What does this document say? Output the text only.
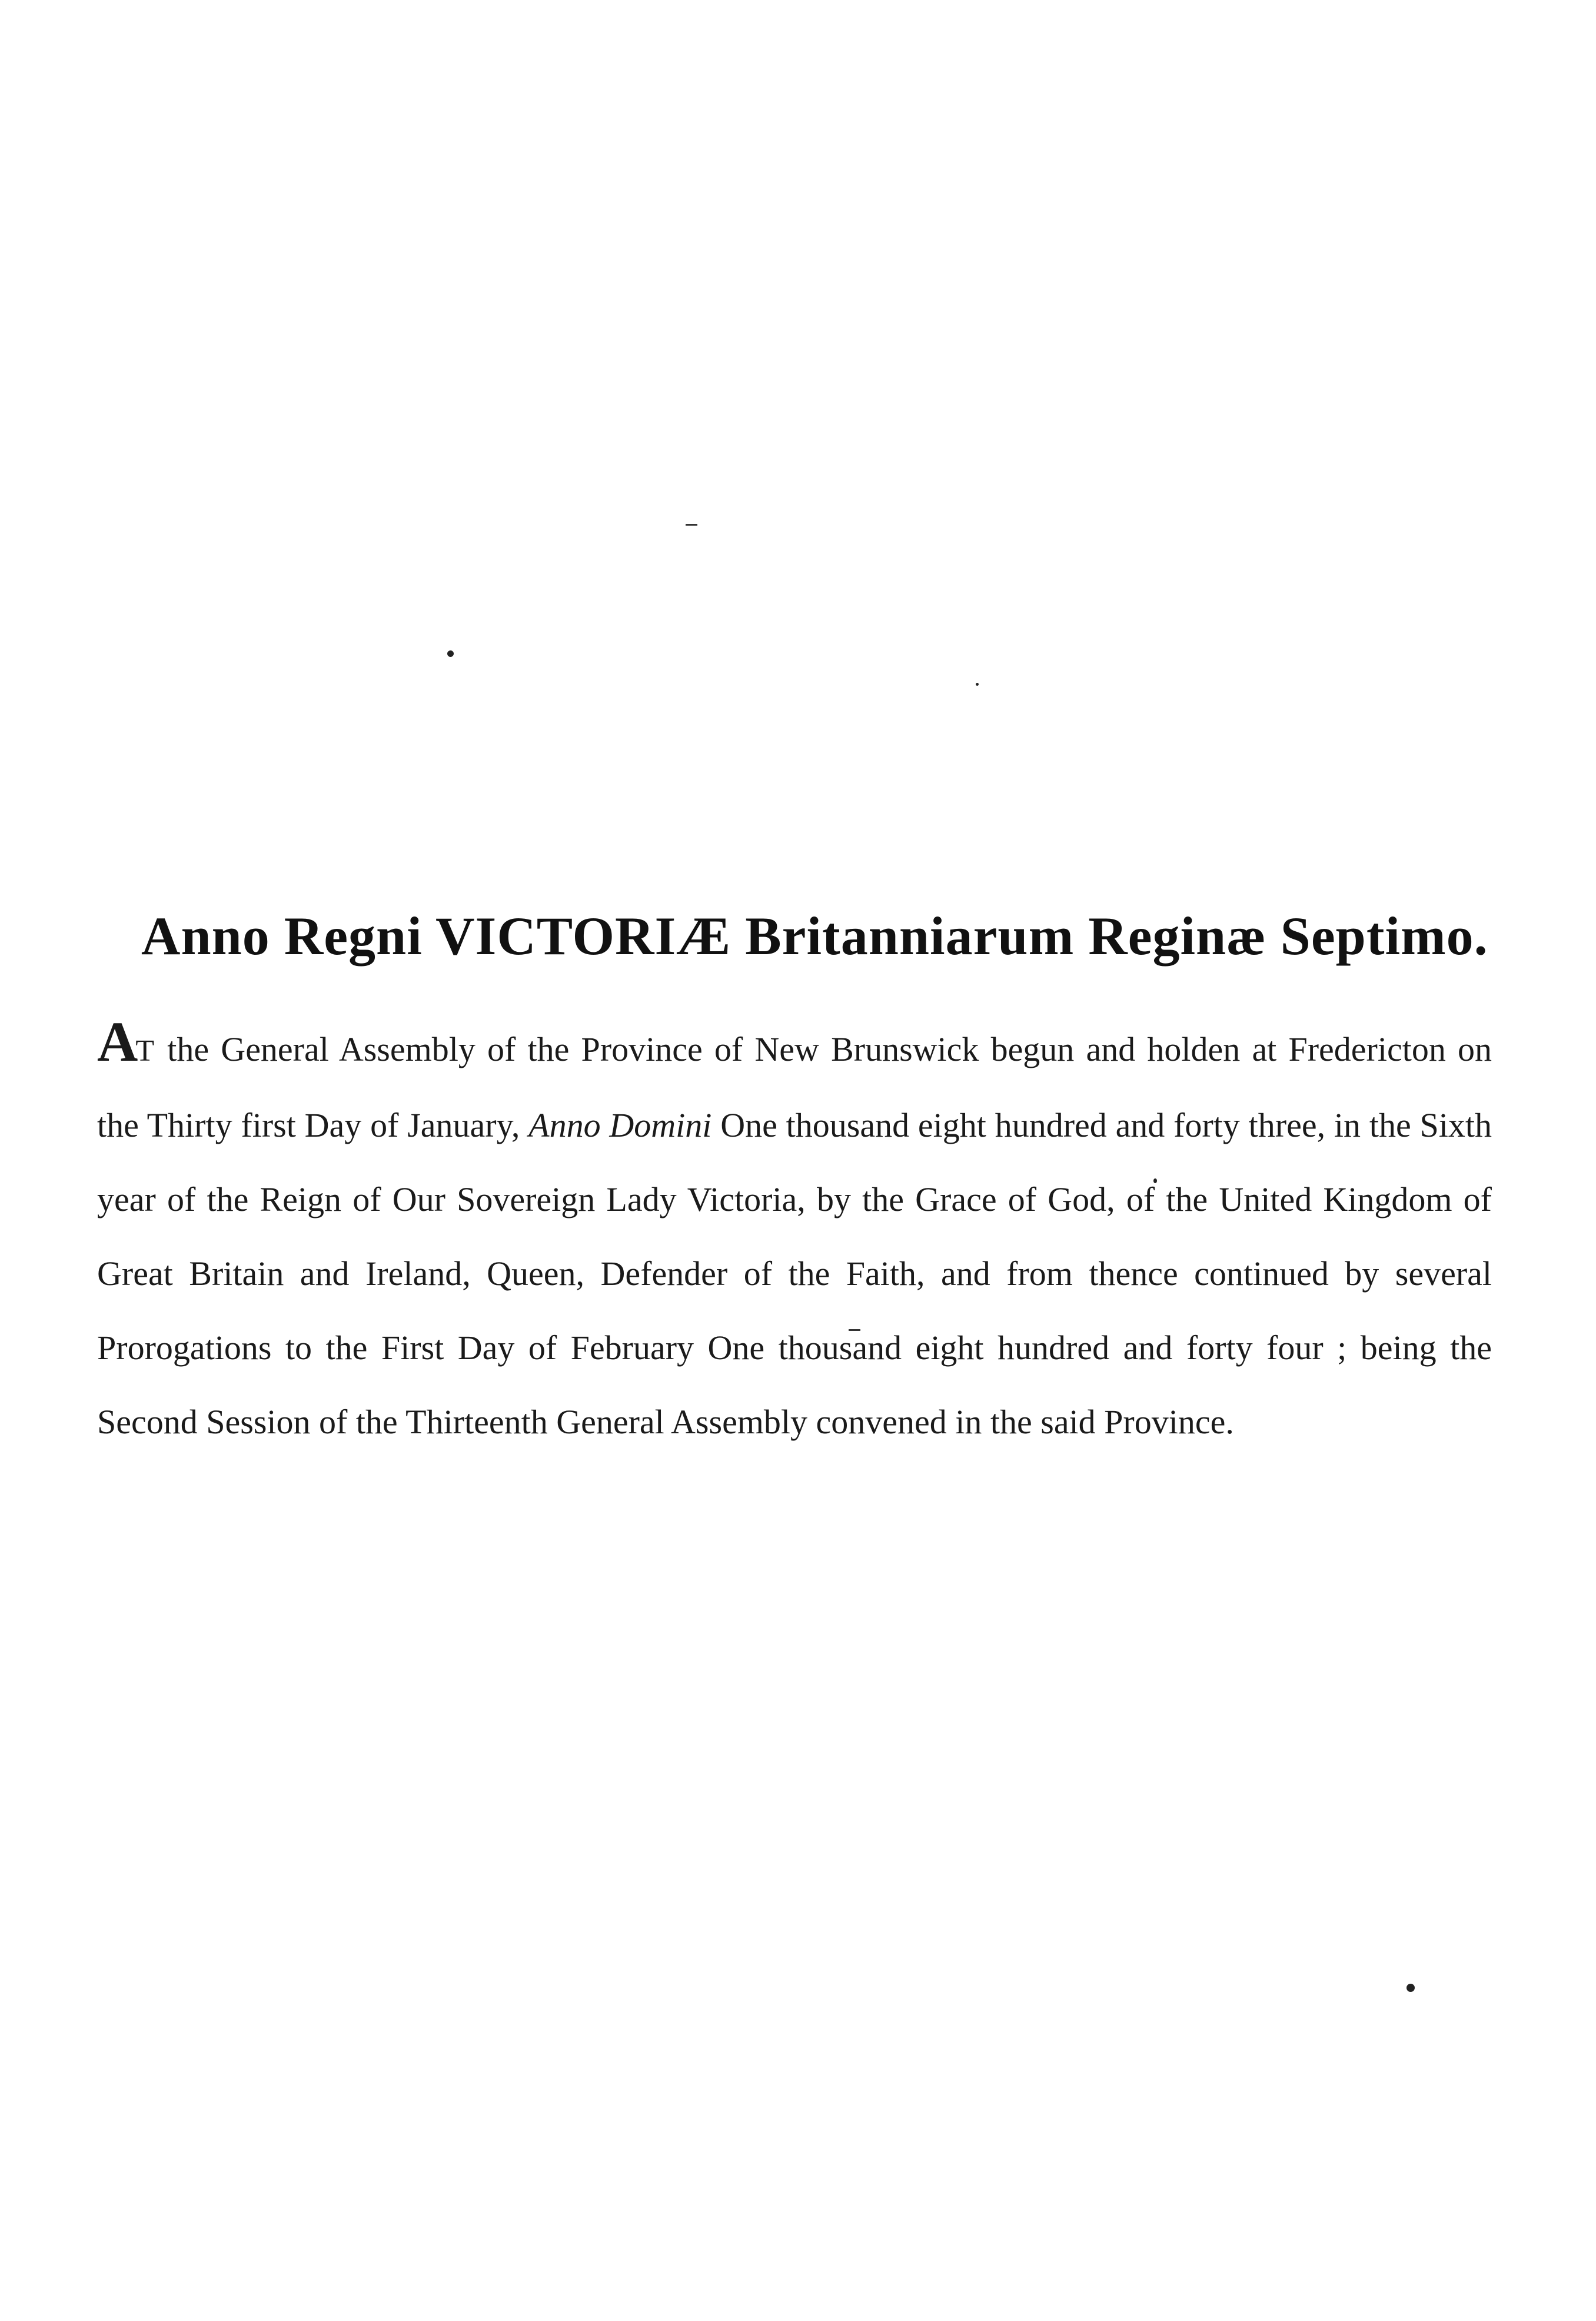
Anno Regni VICTORIÆ Britanniarum Reginæ Septimo.

AT the General Assembly of the Province of New Brunswick begun and holden at Fredericton on the Thirty first Day of January, Anno Domini One thousand eight hundred and forty three, in the Sixth year of the Reign of Our Sovereign Lady Victoria, by the Grace of God, of the United Kingdom of Great Britain and Ireland, Queen, Defender of the Faith, and from thence continued by several Prorogations to the First Day of February One thousand eight hundred and forty four ; being the Second Session of the Thirteenth General Assembly convened in the said Province.
